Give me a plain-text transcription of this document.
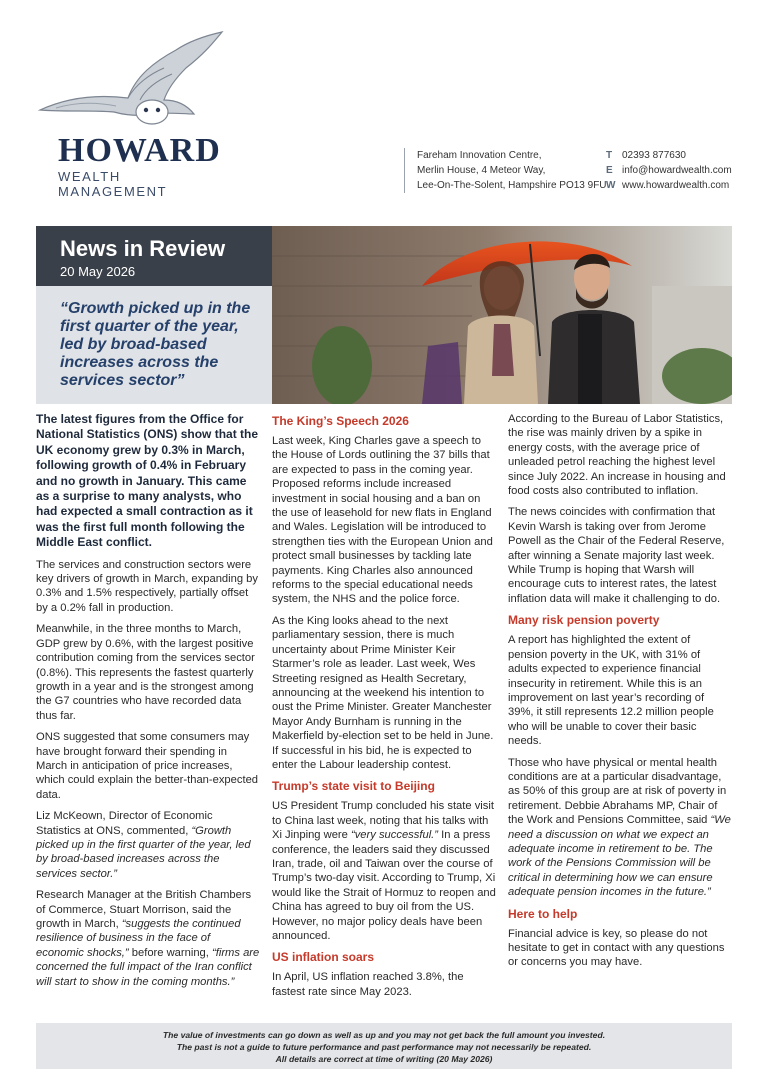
HOWARD
WEALTH MANAGEMENT
Fareham Innovation Centre,
Merlin House, 4 Meteor Way,
Lee-On-The-Solent, Hampshire PO13 9FU
T 02393 877630
E info@howardwealth.com
W www.howardwealth.com
News in Review
20 May 2026
“Growth picked up in the first quarter of the year, led by broad-based increases across the services sector”

The latest figures from the Office for National Statistics (ONS) show that the UK economy grew by 0.3% in March, following growth of 0.4% in February and no growth in January. This came as a surprise to many analysts, who had expected a small contraction as it was the first full month following the Middle East conflict.

The services and construction sectors were key drivers of growth in March, expanding by 0.3% and 1.5% respectively, partially offset by a 0.2% fall in production.

Meanwhile, in the three months to March, GDP grew by 0.6%, with the largest positive contribution coming from the services sector (0.8%). This represents the fastest quarterly growth in a year and is the strongest among the G7 countries who have recorded data thus far.

ONS suggested that some consumers may have brought forward their spending in March in anticipation of price increases, which could explain the better-than-expected data.

Liz McKeown, Director of Economic Statistics at ONS, commented, “Growth picked up in the first quarter of the year, led by broad-based increases across the services sector.”

Research Manager at the British Chambers of Commerce, Stuart Morrison, said the growth in March, “suggests the continued resilience of business in the face of economic shocks,” before warning, “firms are concerned the full impact of the Iran conflict will start to show in the coming months.”

The King’s Speech 2026

Last week, King Charles gave a speech to the House of Lords outlining the 37 bills that are expected to pass in the coming year. Proposed reforms include increased investment in social housing and a ban on the use of leasehold for new flats in England and Wales. Legislation will be introduced to strengthen ties with the European Union and protect small businesses by tackling late payments. King Charles also announced reforms to the special educational needs system, the NHS and the police force.

As the King looks ahead to the next parliamentary session, there is much uncertainty about Prime Minister Keir Starmer’s role as leader. Last week, Wes Streeting resigned as Health Secretary, announcing at the weekend his intention to oust the Prime Minister. Greater Manchester Mayor Andy Burnham is running in the Makerfield by-election set to be held in June. If successful in his bid, he is expected to enter the Labour leadership contest.

Trump’s state visit to Beijing

US President Trump concluded his state visit to China last week, noting that his talks with Xi Jinping were “very successful.” In a press conference, the leaders said they discussed Iran, trade, oil and Taiwan over the course of Trump’s two-day visit. According to Trump, Xi would like the Strait of Hormuz to reopen and China has agreed to buy oil from the US. However, no major policy deals have been announced.

US inflation soars

In April, US inflation reached 3.8%, the fastest rate since May 2023.

According to the Bureau of Labor Statistics, the rise was mainly driven by a spike in energy costs, with the average price of unleaded petrol reaching the highest level since July 2022. An increase in housing and food costs also contributed to inflation.

The news coincides with confirmation that Kevin Warsh is taking over from Jerome Powell as the Chair of the Federal Reserve, after winning a Senate majority last week. While Trump is hoping that Warsh will encourage cuts to interest rates, the latest inflation data will make it challenging to do.

Many risk pension poverty

A report has highlighted the extent of pension poverty in the UK, with 31% of adults expected to experience financial insecurity in retirement. While this is an improvement on last year’s recording of 39%, it still represents 12.2 million people who will be unable to cover their basic needs.

Those who have physical or mental health conditions are at a particular disadvantage, as 50% of this group are at risk of poverty in retirement. Debbie Abrahams MP, Chair of the Work and Pensions Committee, said “We need a discussion on what we expect an adequate income in retirement to be. The work of the Pensions Commission will be critical in determining how we can ensure adequate pension incomes in the future.”

Here to help

Financial advice is key, so please do not hesitate to get in contact with any questions or concerns you may have.

The value of investments can go down as well as up and you may not get back the full amount you invested.
The past is not a guide to future performance and past performance may not necessarily be repeated.
All details are correct at time of writing (20 May 2026)
